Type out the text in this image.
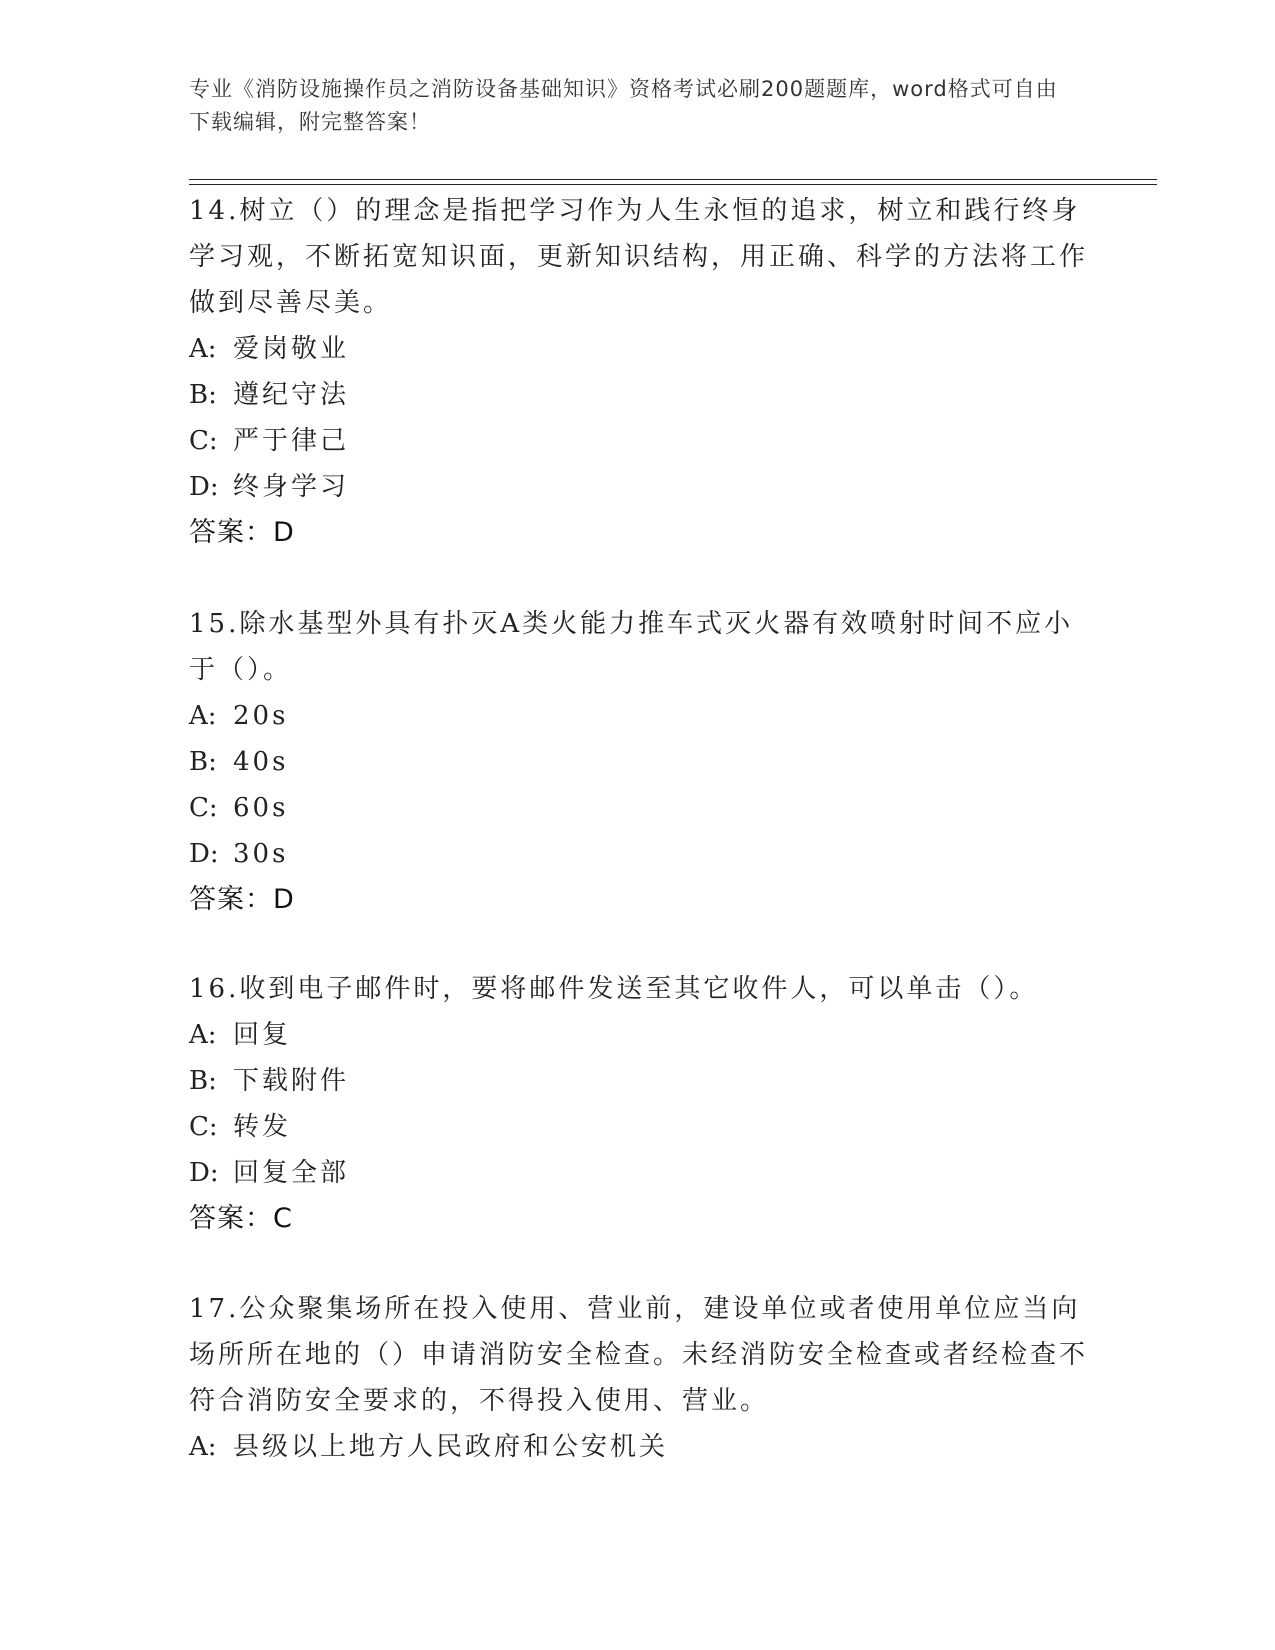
专业《消防设施操作员之消防设备基础知识》资格考试必刷200题题库，word格式可自由下载编辑，附完整答案！
14.树立（）的理念是指把学习作为人生永恒的追求，树立和践行终身学习观，不断拓宽知识面，更新知识结构，用正确、科学的方法将工作做到尽善尽美。
A: 爱岗敬业
B: 遵纪守法
C: 严于律己
D: 终身学习
答案：D
15.除水基型外具有扑灭A类火能力推车式灭火器有效喷射时间不应小于（）。
A: 20s
B: 40s
C: 60s
D: 30s
答案：D
16.收到电子邮件时，要将邮件发送至其它收件人，可以单击（）。
A: 回复
B: 下载附件
C: 转发
D: 回复全部
答案：C
17.公众聚集场所在投入使用、营业前，建设单位或者使用单位应当向场所所在地的（）申请消防安全检查。未经消防安全检查或者经检查不符合消防安全要求的，不得投入使用、营业。
A: 县级以上地方人民政府和公安机关
